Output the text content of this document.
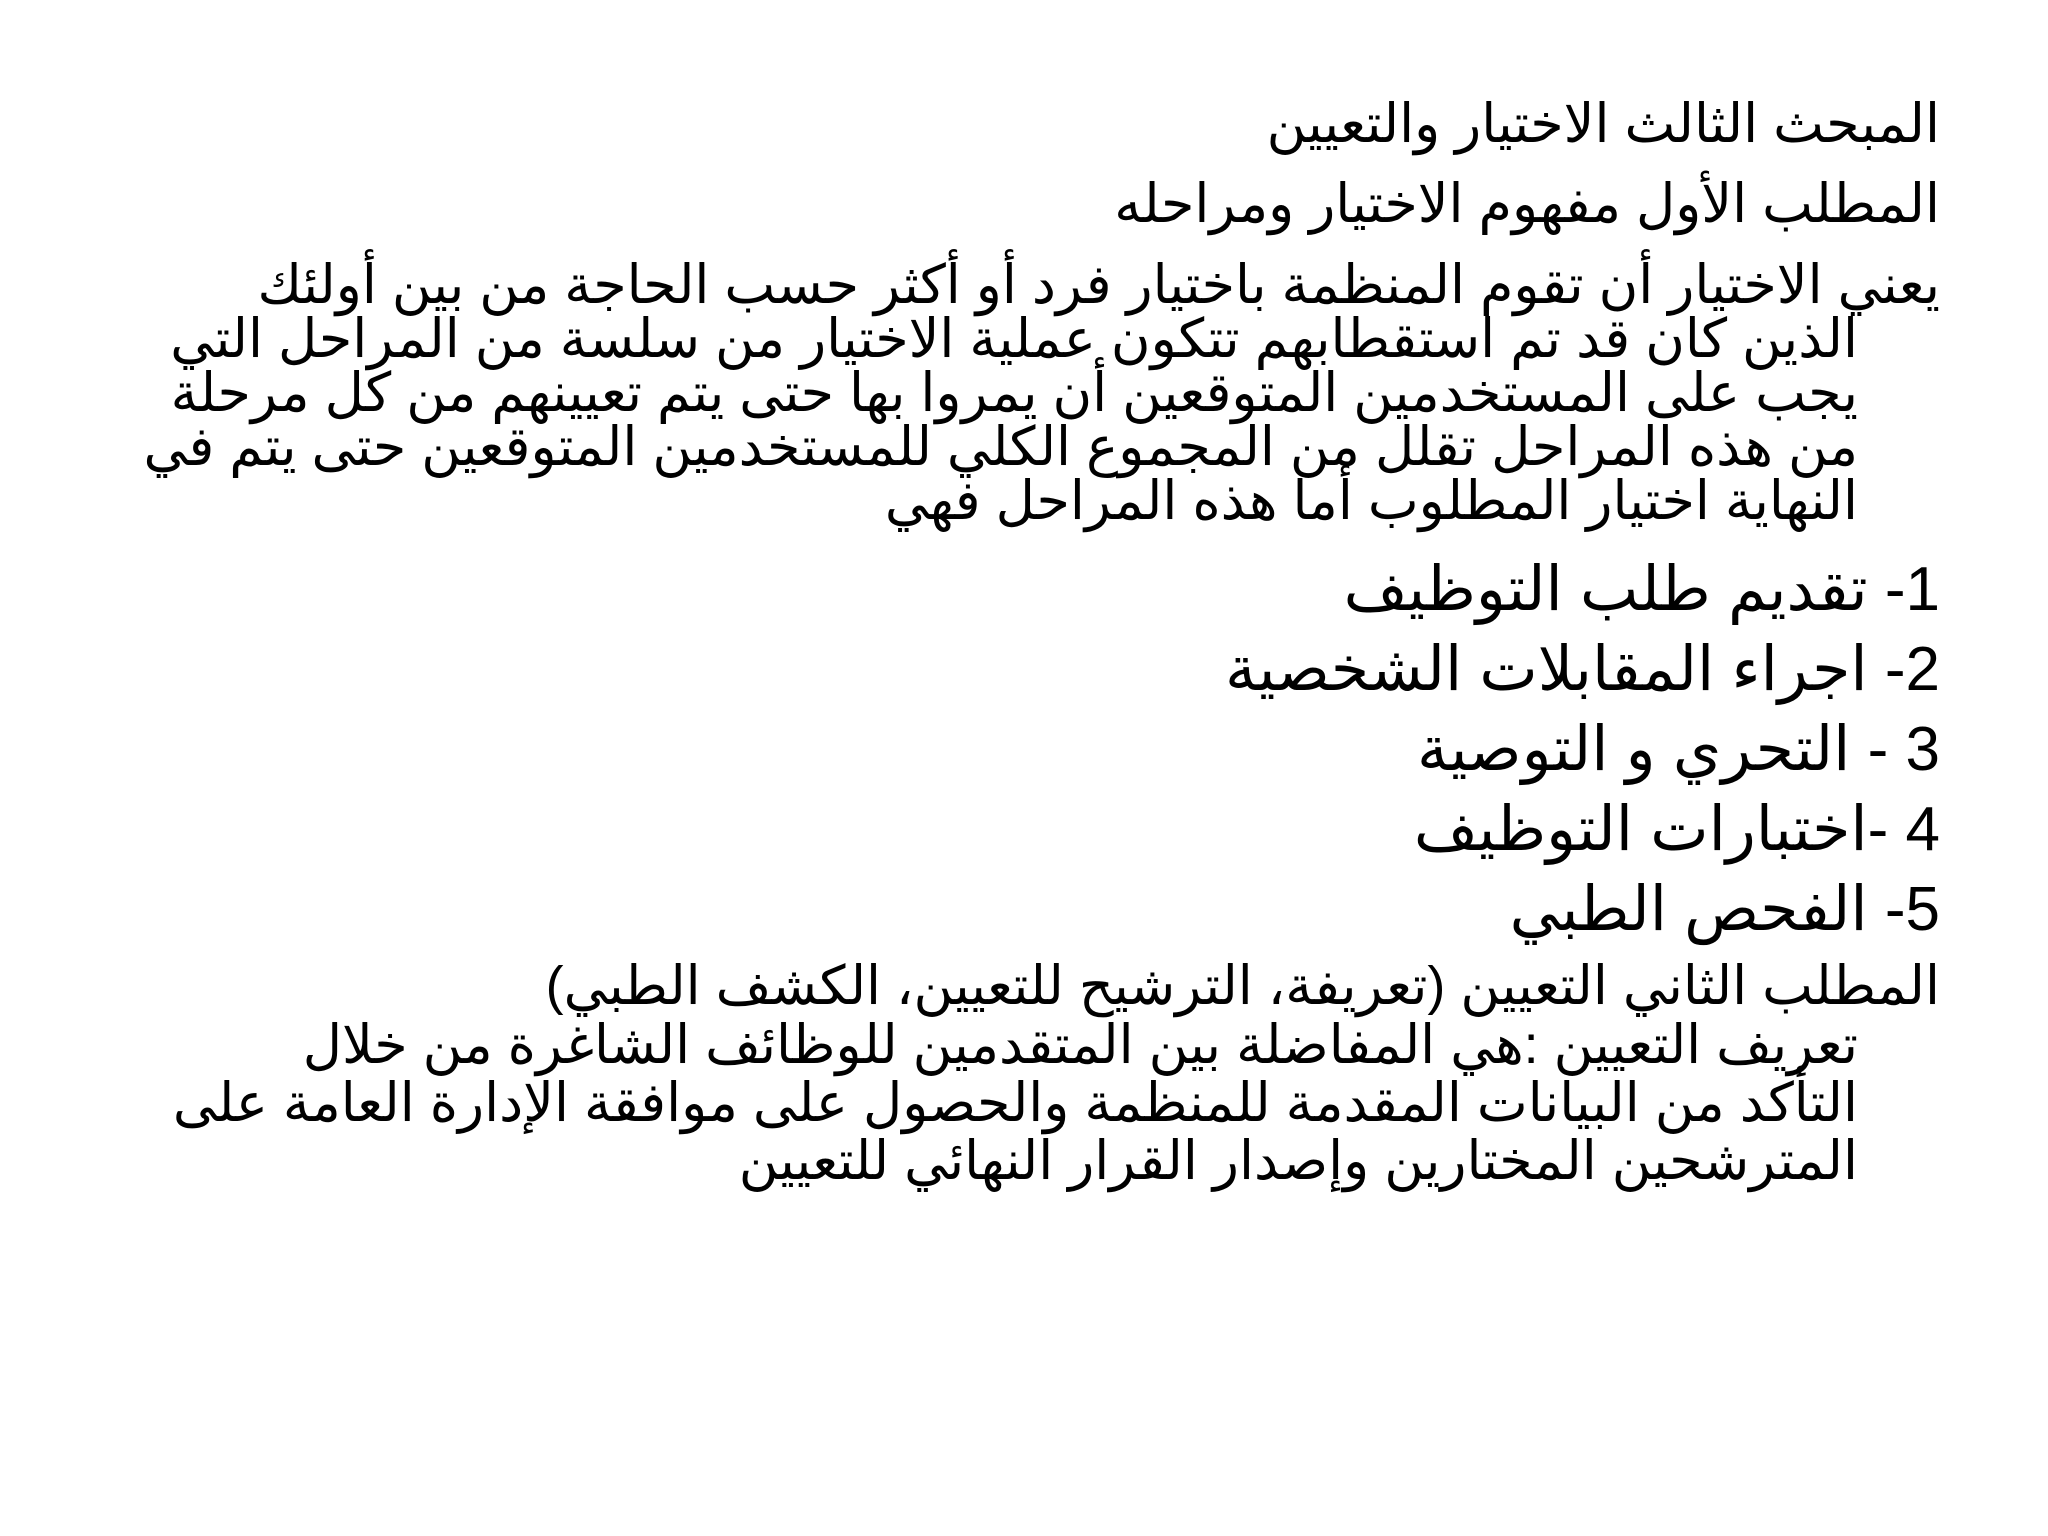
المبحث الثالث الاختيار والتعيين
المطلب الأول مفهوم الاختيار ومراحله
يعني الاختيار أن تقوم المنظمة باختيار فرد أو أكثر حسب الحاجة من بين أولئك
الذين كان قد تم استقطابهم تتكون عملية الاختيار من سلسة من المراحل التي
يجب على المستخدمين المتوقعين أن يمروا بها حتى يتم تعيينهم من كل مرحلة
من هذه المراحل تقلل من المجموع الكلي للمستخدمين المتوقعين حتى يتم في
النهاية اختيار المطلوب أما هذه المراحل فهي
1- تقديم طلب التوظيف
2- اجراء المقابلات الشخصية
3 - التحري و التوصية
4 -اختبارات التوظيف
5- الفحص الطبي
المطلب الثاني التعيين (تعريفة، الترشيح للتعيين، الكشف الطبي)
تعريف التعيين :هي المفاضلة بين المتقدمين للوظائف الشاغرة من خلال
التأكد من البيانات المقدمة للمنظمة والحصول على موافقة الإدارة العامة على
المترشحين المختارين وإصدار القرار النهائي للتعيين
